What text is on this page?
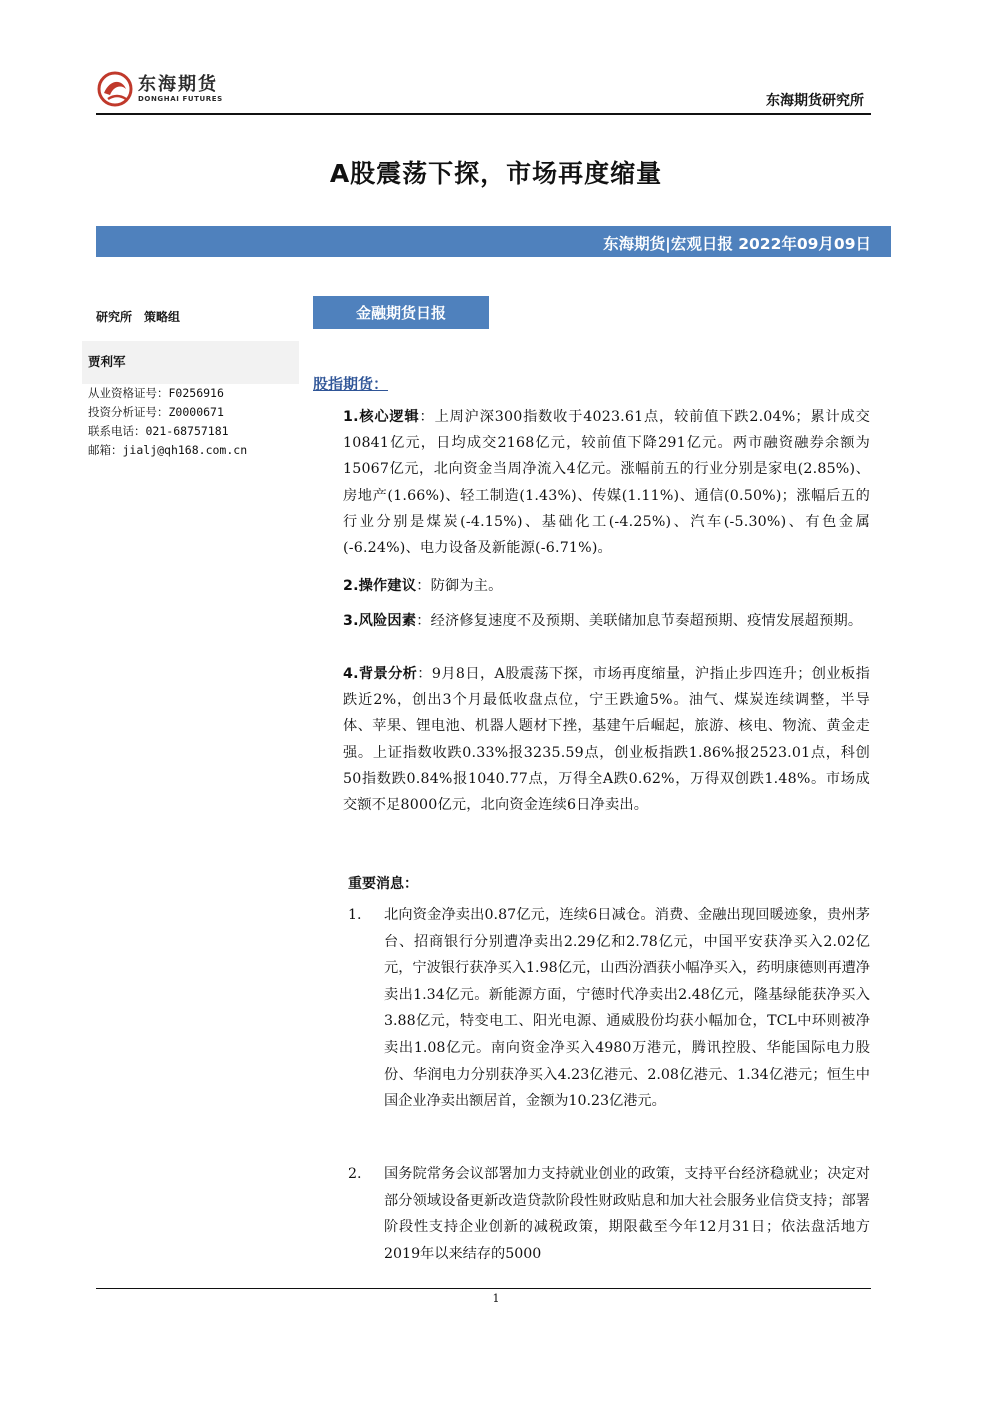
东海期货
DONGHAI FUTURES	东海期货研究所
A股震荡下探，市场再度缩量
东海期货|宏观日报 2022年09月09日
研究所 策略组
贾利军
从业资格证号：F0256916
投资分析证号：Z0000671
联系电话：021-68757181
邮箱：jialj@qh168.com.cn
金融期货日报
股指期货：
1.核心逻辑：上周沪深300指数收于4023.61点，较前值下跌2.04%；累计成交10841亿元，日均成交2168亿元，较前值下降291亿元。两市融资融券余额为15067亿元，北向资金当周净流入4亿元。涨幅前五的行业分别是家电(2.85%)、房地产(1.66%)、轻工制造(1.43%)、传媒(1.11%)、通信(0.50%)；涨幅后五的行业分别是煤炭(-4.15%)、基础化工(-4.25%)、汽车(-5.30%)、有色金属(-6.24%)、电力设备及新能源(-6.71%)。
2.操作建议：防御为主。
3.风险因素：经济修复速度不及预期、美联储加息节奏超预期、疫情发展超预期。
4.背景分析：9月8日，A股震荡下探，市场再度缩量，沪指止步四连升；创业板指跌近2%，创出3个月最低收盘点位，宁王跌逾5%。油气、煤炭连续调整，半导体、苹果、锂电池、机器人题材下挫，基建午后崛起，旅游、核电、物流、黄金走强。上证指数收跌0.33%报3235.59点，创业板指跌1.86%报2523.01点，科创50指数跌0.84%报1040.77点，万得全A跌0.62%，万得双创跌1.48%。市场成交额不足8000亿元，北向资金连续6日净卖出。
重要消息：
1.	北向资金净卖出0.87亿元，连续6日减仓。消费、金融出现回暖迹象，贵州茅台、招商银行分别遭净卖出2.29亿和2.78亿元，中国平安获净买入2.02亿元，宁波银行获净买入1.98亿元，山西汾酒获小幅净买入，药明康德则再遭净卖出1.34亿元。新能源方面，宁德时代净卖出2.48亿元，隆基绿能获净买入3.88亿元，特变电工、阳光电源、通威股份均获小幅加仓，TCL中环则被净卖出1.08亿元。南向资金净买入4980万港元，腾讯控股、华能国际电力股份、华润电力分别获净买入4.23亿港元、2.08亿港元、1.34亿港元；恒生中国企业净卖出额居首，金额为10.23亿港元。
2.	国务院常务会议部署加力支持就业创业的政策，支持平台经济稳就业；决定对部分领域设备更新改造贷款阶段性财政贴息和加大社会服务业信贷支持；部署阶段性支持企业创新的减税政策，期限截至今年12月31日；依法盘活地方2019年以来结存的5000
1
